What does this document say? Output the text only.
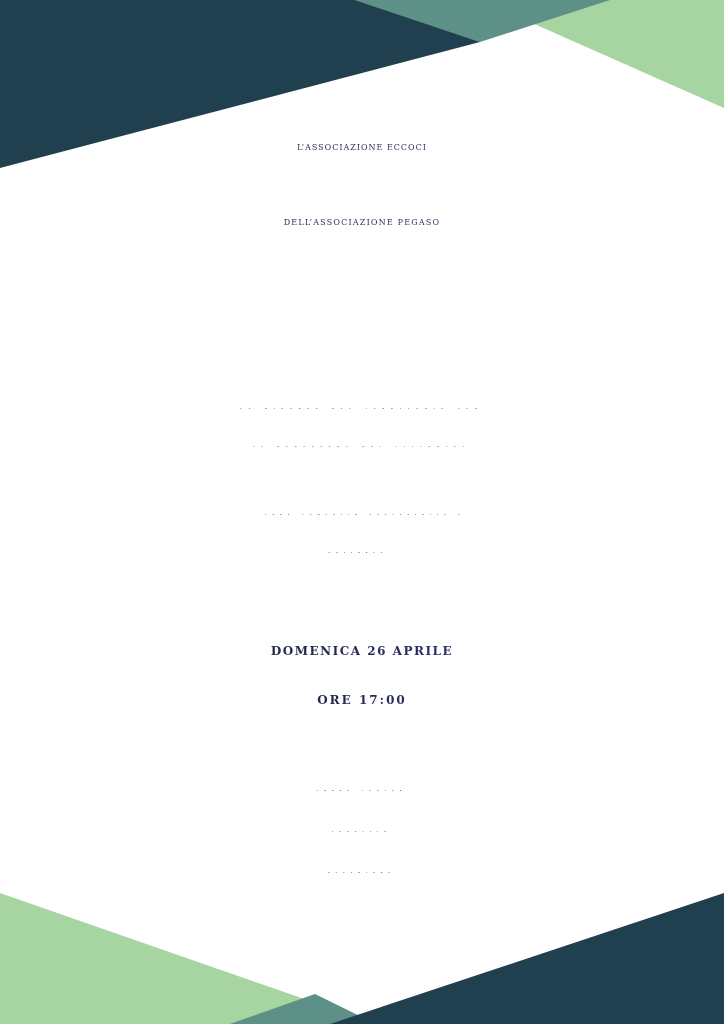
L’ASSOCIAZIONE ECCOCI
DELL’ASSOCIAZIONE PEGASO
LE RISORSE DEL TERRITORIO PER
IL BENESSERE DEI CITTADINI
“FARE COMUNITÀ SOSTENIBILE E
SOLIDALE”
DOMENICA 26 APRILE
ORE 17:00
URBAN CENTER
VENETICO
SUPERIORE
